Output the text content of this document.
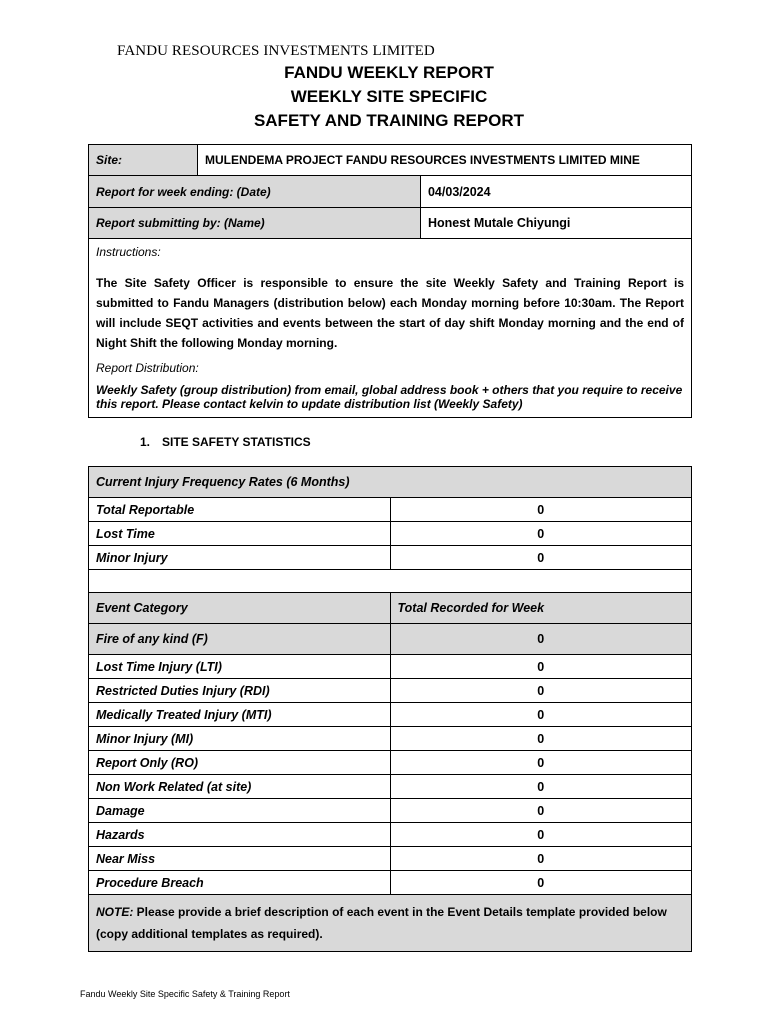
FANDU RESOURCES INVESTMENTS LIMITED
FANDU WEEKLY REPORT
WEEKLY SITE SPECIFIC
SAFETY AND TRAINING REPORT
Site:	MULENDEMA PROJECT FANDU RESOURCES INVESTMENTS LIMITED MINE	
Report for week ending: (Date)		04/03/2024
Report submitting by: (Name)		Honest Mutale Chiyungi

Instructions:

The Site Safety Officer is responsible to ensure the site Weekly Safety and Training Report is submitted to Fandu Managers (distribution below) each Monday morning before 10:30am. The Report will include SEQT activities and events between the start of day shift Monday morning and the end of Night Shift the following Monday morning.

Report Distribution:

Weekly Safety (group distribution) from email, global address book + others that you require to receive this report. Please contact kelvin to update distribution list (Weekly Safety)		

1. SITE SAFETY STATISTICS
Current Injury Frequency Rates (6 Months)	
Total Reportable	0
Lost Time	0
Minor Injury	0

Event Category	Total Recorded for Week
Fire of any kind (F)	0
Lost Time Injury (LTI)	0
Restricted Duties Injury (RDI)	0
Medically Treated Injury (MTI)	0
Minor Injury (MI)	0
Report Only (RO)	0
Non Work Related (at site)	0
Damage	0
Hazards	0
Near Miss	0
Procedure Breach	0
NOTE: Please provide a brief description of each event in the Event Details template provided below (copy additional templates as required).	
Fandu Weekly Site Specific Safety & Training Report
